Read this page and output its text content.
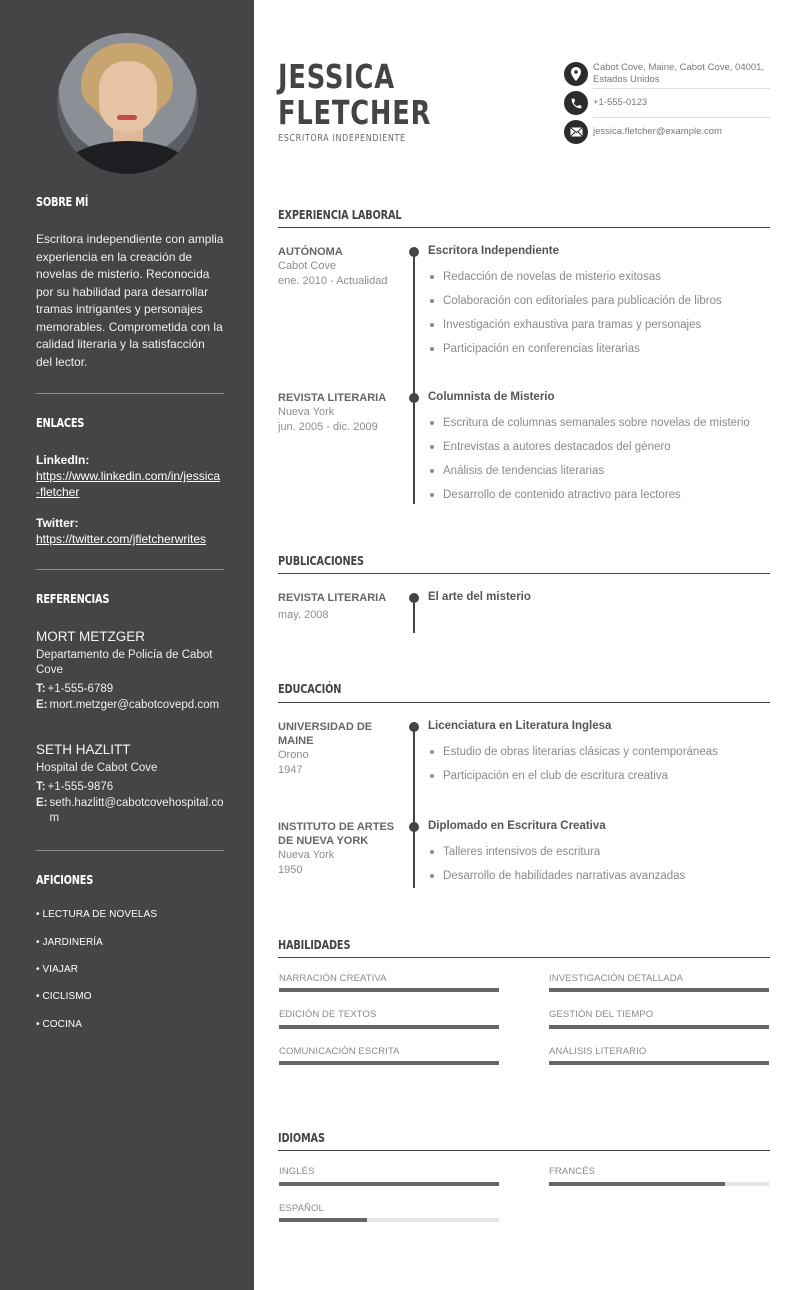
SOBRE MÍ
Escritora independiente con amplia experiencia en la creación de novelas de misterio. Reconocida por su habilidad para desarrollar tramas intrigantes y personajes memorables. Comprometida con la calidad literaria y la satisfacción del lector.
ENLACES
LinkedIn:
https://www.linkedin.com/in/jessica-fletcher
Twitter:
https://twitter.com/jfletcherwrites
REFERENCIAS
MORT METZGER
Departamento de Policía de Cabot Cove
T: +1-555-6789
E: mort.metzger@cabotcovepd.com
SETH HAZLITT
Hospital de Cabot Cove
T: +1-555-9876
E: seth.hazlitt@cabotcovehospital.com
AFICIONES
• LECTURA DE NOVELAS
• JARDINERÍA
• VIAJAR
• CICLISMO
• COCINA
JESSICA
FLETCHER
ESCRITORA INDEPENDIENTE
Cabot Cove, Maine, Cabot Cove, 04001, Estados Unidos
+1-555-0123
jessica.fletcher@example.com
EXPERIENCIA LABORAL
AUTÓNOMA
Cabot Cove
ene. 2010 - Actualidad
Escritora Independiente
Redacción de novelas de misterio exitosas
Colaboración con editoriales para publicación de libros
Investigación exhaustiva para tramas y personajes
Participación en conferencias literarias
REVISTA LITERARIA
Nueva York
jun. 2005 - dic. 2009
Columnista de Misterio
Escritura de columnas semanales sobre novelas de misterio
Entrevistas a autores destacados del género
Análisis de tendencias literarias
Desarrollo de contenido atractivo para lectores
PUBLICACIONES
REVISTA LITERARIA
may. 2008
El arte del misterio
EDUCACIÓN
UNIVERSIDAD DE
MAINE
Orono
1947
Licenciatura en Literatura Inglesa
Estudio de obras literarias clásicas y contemporáneas
Participación en el club de escritura creativa
INSTITUTO DE ARTES
DE NUEVA YORK
Nueva York
1950
Diplomado en Escritura Creativa
Talleres intensivos de escritura
Desarrollo de habilidades narrativas avanzadas
HABILIDADES
NARRACIÓN CREATIVA	INVESTIGACIÓN DETALLADA
EDICIÓN DE TEXTOS	GESTIÓN DEL TIEMPO
COMUNICACIÓN ESCRITA	ANÁLISIS LITERARIO
IDIOMAS
INGLÉS	FRANCÉS
ESPAÑOL
